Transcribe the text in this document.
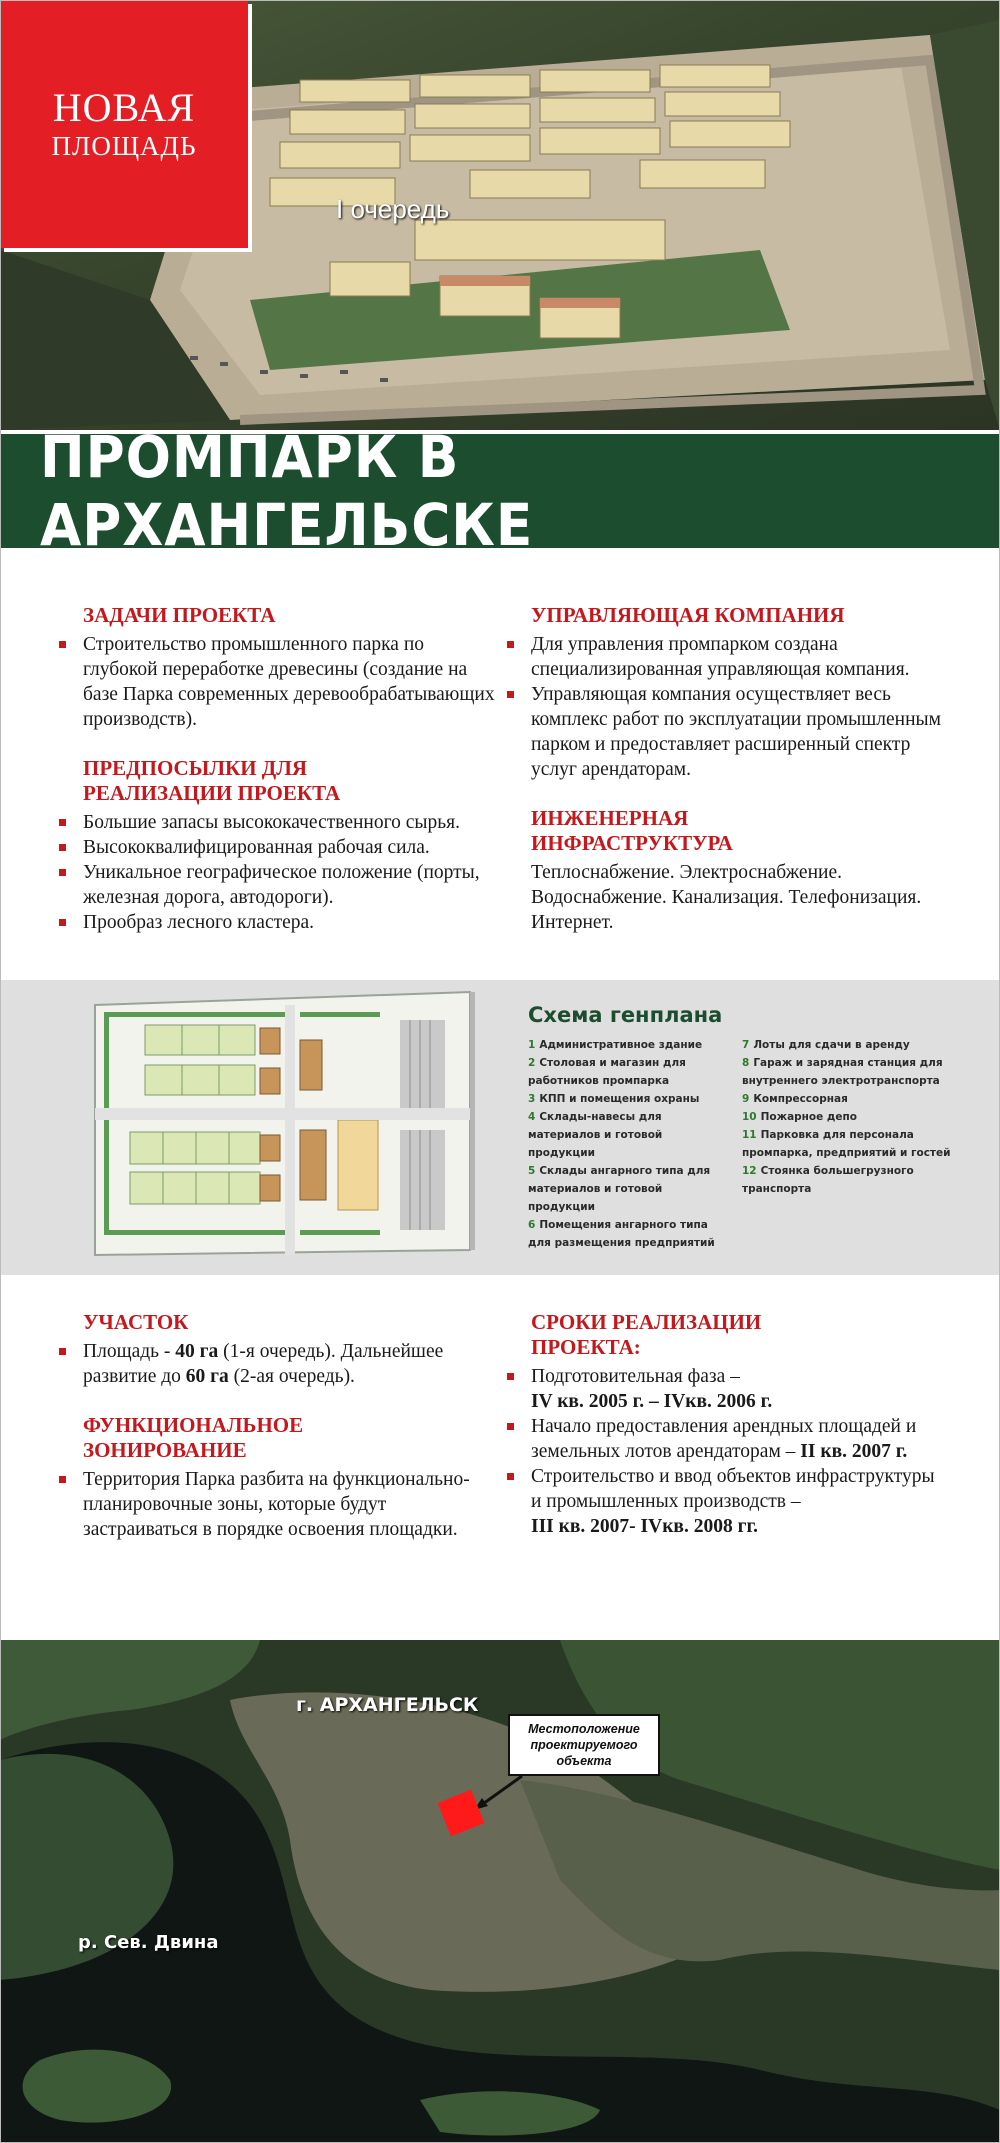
НОВАЯ
ПЛОЩАДЬ
I очередь
ПРОМПАРК В АРХАНГЕЛЬСКЕ

ЗАДАЧИ ПРОЕКТА

Строительство промышленного парка по глубокой переработке древесины (создание на базе Парка современных деревообрабатывающих производств).

ПРЕДПОСЫЛКИ ДЛЯ
РЕАЛИЗАЦИИ ПРОЕКТА

Большие запасы высококачественного сырья.
Высококвалифицированная рабочая сила.
Уникальное географическое положение (порты, железная дорога, автодороги).
Прообраз лесного кластера.

УПРАВЛЯЮЩАЯ КОМПАНИЯ

Для управления промпарком создана специализированная управляющая компания.
Управляющая компания осуществляет весь комплекс работ по эксплуатации промышленным парком и предоставляет расширенный спектр услуг арендаторам.

ИНЖЕНЕРНАЯ
ИНФРАСТРУКТУРА

Теплоснабжение. Электроснабжение. Водоснабжение. Канализация. Телефонизация. Интернет.

Схема генплана
1 Административное здание
2 Столовая и магазин для работников промпарка
3 КПП и помещения охраны
4 Склады-навесы для материалов и готовой продукции
5 Склады ангарного типа для материалов и готовой продукции
6 Помещения ангарного типа для размещения предприятий
7 Лоты для сдачи в аренду
8 Гараж и зарядная станция для внутреннего электротранспорта
9 Компрессорная
10 Пожарное депо
11 Парковка для персонала промпарка, предприятий и гостей
12 Стоянка большегрузного транспорта

УЧАСТОК

Площадь - 40 га (1-я очередь). Дальнейшее развитие до 60 га (2-ая очередь).

ФУНКЦИОНАЛЬНОЕ
ЗОНИРОВАНИЕ

Территория Парка разбита на функционально-планировочные зоны, которые будут застраиваться в порядке освоения площадки.

СРОКИ РЕАЛИЗАЦИИ
ПРОЕКТА:

Подготовительная фаза –
IV кв. 2005 г. – IVкв. 2006 г.
Начало предоставления арендных площадей и земельных лотов арендаторам – II кв. 2007 г.
Строительство и ввод объектов инфраструктуры и промышленных производств –
III кв. 2007- IVкв. 2008 гг.
г. АРХАНГЕЛЬСК
р. Сев. Двина
Местоположение проектируемого объекта
